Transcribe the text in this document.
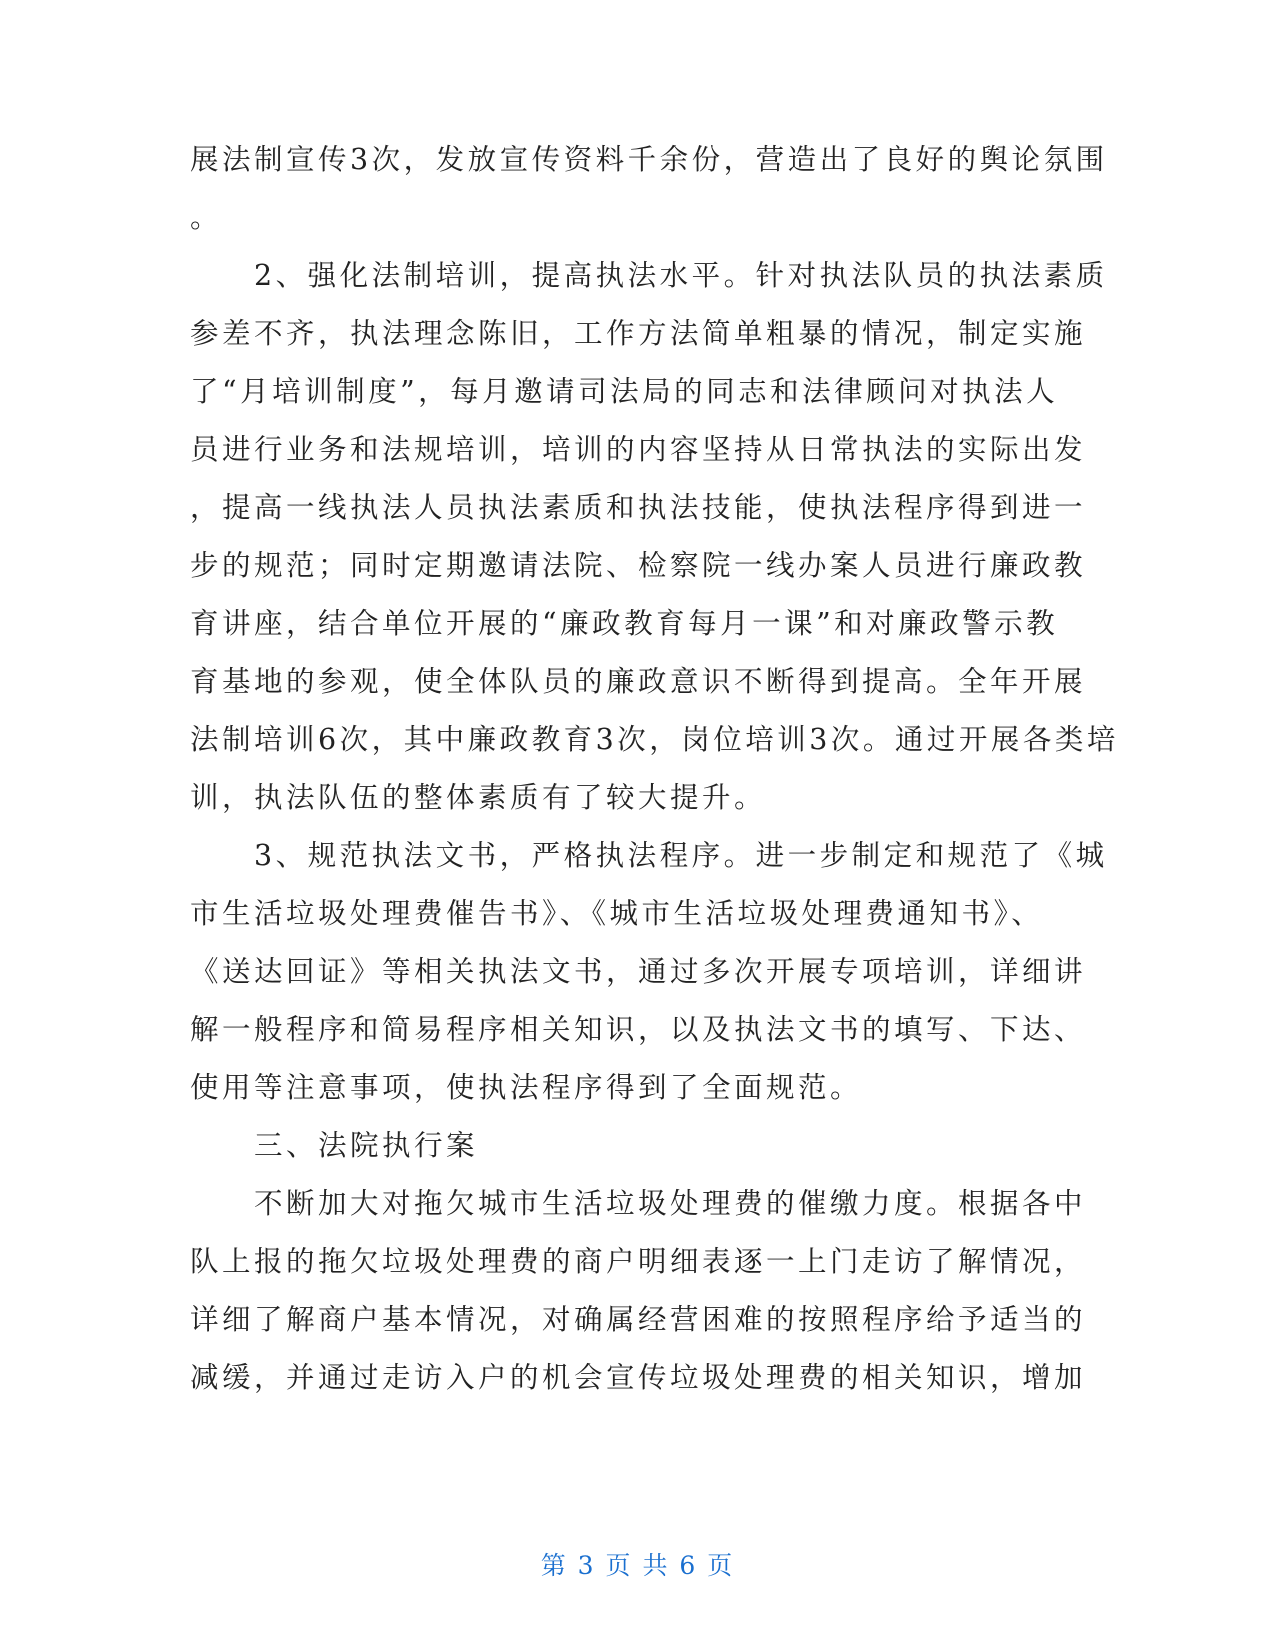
展法制宣传3次，发放宣传资料千余份，营造出了良好的舆论氛围
。
　　2、强化法制培训，提高执法水平。针对执法队员的执法素质
参差不齐，执法理念陈旧，工作方法简单粗暴的情况，制定实施
了“月培训制度”，每月邀请司法局的同志和法律顾问对执法人
员进行业务和法规培训，培训的内容坚持从日常执法的实际出发
，提高一线执法人员执法素质和执法技能，使执法程序得到进一
步的规范；同时定期邀请法院、检察院一线办案人员进行廉政教
育讲座，结合单位开展的“廉政教育每月一课”和对廉政警示教
育基地的参观，使全体队员的廉政意识不断得到提高。全年开展
法制培训6次，其中廉政教育3次，岗位培训3次。通过开展各类培
训，执法队伍的整体素质有了较大提升。
　　3、规范执法文书，严格执法程序。进一步制定和规范了《城
市生活垃圾处理费催告书》、《城市生活垃圾处理费通知书》、
《送达回证》等相关执法文书，通过多次开展专项培训，详细讲
解一般程序和简易程序相关知识，以及执法文书的填写、下达、
使用等注意事项，使执法程序得到了全面规范。
　　三、法院执行案
　　不断加大对拖欠城市生活垃圾处理费的催缴力度。根据各中
队上报的拖欠垃圾处理费的商户明细表逐一上门走访了解情况，
详细了解商户基本情况，对确属经营困难的按照程序给予适当的
减缓，并通过走访入户的机会宣传垃圾处理费的相关知识，增加
第 3 页 共 6 页
